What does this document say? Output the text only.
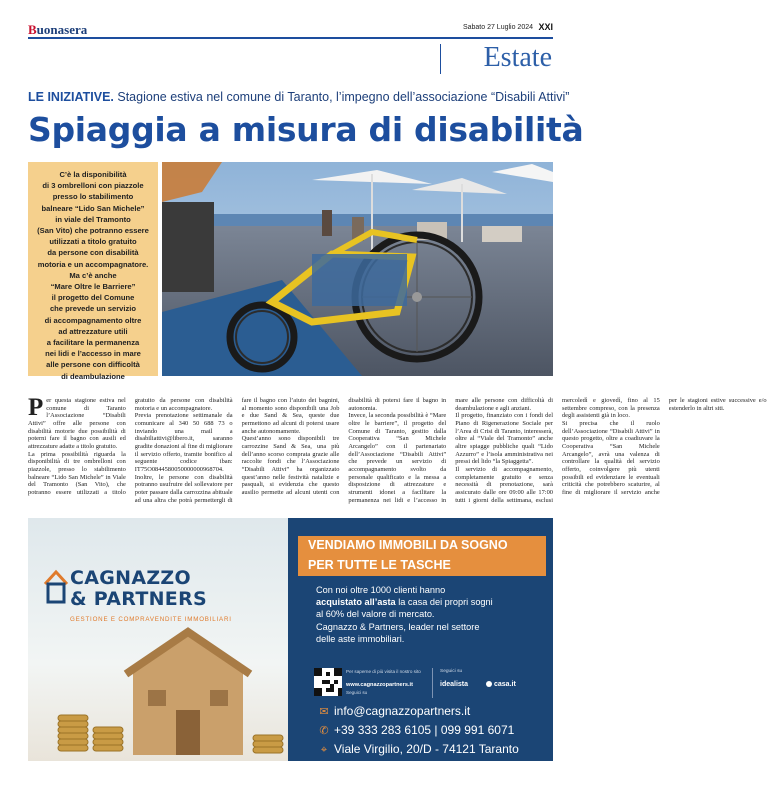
Buonasera	Sabato 27 Luglio 2024 XXI
Estate
LE INIZIATIVE. Stagione estiva nel comune di Taranto, l’impegno dell’associazione “Disabili Attivi”
Spiaggia a misura di disabilità
C’è la disponibilità
di 3 ombrelloni con piazzole
presso lo stabilimento
balneare “Lido San Michele”
in viale del Tramonto
(San Vito) che potranno essere
utilizzati a titolo gratuito
da persone con disabilità
motoria e un accompagnatore.
Ma c’è anche
“Mare Oltre le Barriere”
il progetto del Comune
che prevede un servizio
di accompagnamento oltre
ad attrezzature utili
a facilitare la permanenza
nei lidi e l’accesso in mare
alle persone con difficoltà
di deambulazione

Per questa stagione estiva nel comune di Taranto l’Associazione “Disabili Attivi” offre alle persone con disabilità motorie due possibilità di poterni fare il bagno con ausili ed attrezzature adatte a titolo gratuito.

La prima possibilità riguarda la disponibilità di tre ombrelloni con piazzole, presso lo stabilimento balneare “Lido San Michele” in Viale del Tramonto (San Vito), che potranno essere utilizzati a titolo gratuito da persone con disabilità motoria e un accompagnatore.

Previa prenotazione settimanale da comunicare al 340 50 688 73 o inviando una mail a disabiliattivi@libero.it, saranno gradite donazioni al fine di migliorare il servizio offerto, tramite bonifico al seguente codice iban: IT75O0844580050000000968704.

Inoltre, le persone con disabilità potranno usufruire del sollevatore per poter passare dalla carrozzina abituale ad una altra che potrà permettergli di fare il bagno con l’aiuto dei bagnini, al momento sono disponibili una Job e due Sand & Sea, queste due permettono ad alcuni di potersi usare anche autonomamente.

Quest’anno sono disponibili tre carrozzine Sand & Sea, una più dell’anno scorso comprata grazie alle raccolte fondi che l’Associazione “Disabili Attivi” ha organizzato quest’anno nelle festività natalizie e pasquali, si evidenzia che questo ausilio permette ad alcuni utenti con disabilità di potersi fare il bagno in autonomia.

Invece, la seconda possibilità è “Mare oltre le barriere”, il progetto del Comune di Taranto, gestito dalla Cooperativa “San Michele Arcangelo” con il partenariato dell’Associazione “Disabili Attivi” che prevede un servizio di accompagnamento svolto da personale qualificato e la messa a disposizione di attrezzature e strumenti idonei a facilitare la permanenza nei lidi e l’accesso in mare alle persone con difficoltà di deambulazione e agli anziani.

Il progetto, finanziato con i fondi del Piano di Rigenerazione Sociale per l’Area di Crisi di Taranto, interesserà, oltre al “Viale del Tramonto” anche altre spiagge pubbliche quali “Lido Azzurro” e l’isola amministrativa nei pressi del lido “la Spiaggetta”.

Il servizio di accompagnamento, completamente gratuito e senza necessità di prenotazione, sarà assicurato dalle ore 09:00 alle 17:00 tutti i giorni della settimana, esclusi mercoledì e giovedì, fino al 15 settembre compreso, con la presenza degli assistenti già in loco.

Si precisa che il ruolo dell’Associazione “Disabili Attivi” in questo progetto, oltre a coadiuvare la Cooperativa “San Michele Arcangelo”, avrà una valenza di controllare la qualità del servizio offerto, coinvolgere più utenti possibili ed evidenziare le eventuali criticità che potrebbero scaturire, al fine di migliorare il servizio anche per le stagioni estive successive e/o estenderlo in altri siti.

CAGNAZZO
& PARTNERS
GESTIONE E COMPRAVENDITE IMMOBILIARI
VENDIAMO IMMOBILI DA SOGNO
PER TUTTE LE TASCHE
Con noi oltre 1000 clienti hanno
acquistato all’asta la casa dei propri sogni
al 60% del valore di mercato.
Cagnazzo & Partners, leader nel settore
delle aste immobiliari.
Per saperne di più visita il nostro sito
www.cagnazzopartners.it
Seguici su
Seguici su
idealista	casa.it
✉ info@cagnazzopartners.it
✆ +39 333 283 6105 | 099 991 6071
⌖ Viale Virgilio, 20/D - 74121 Taranto
